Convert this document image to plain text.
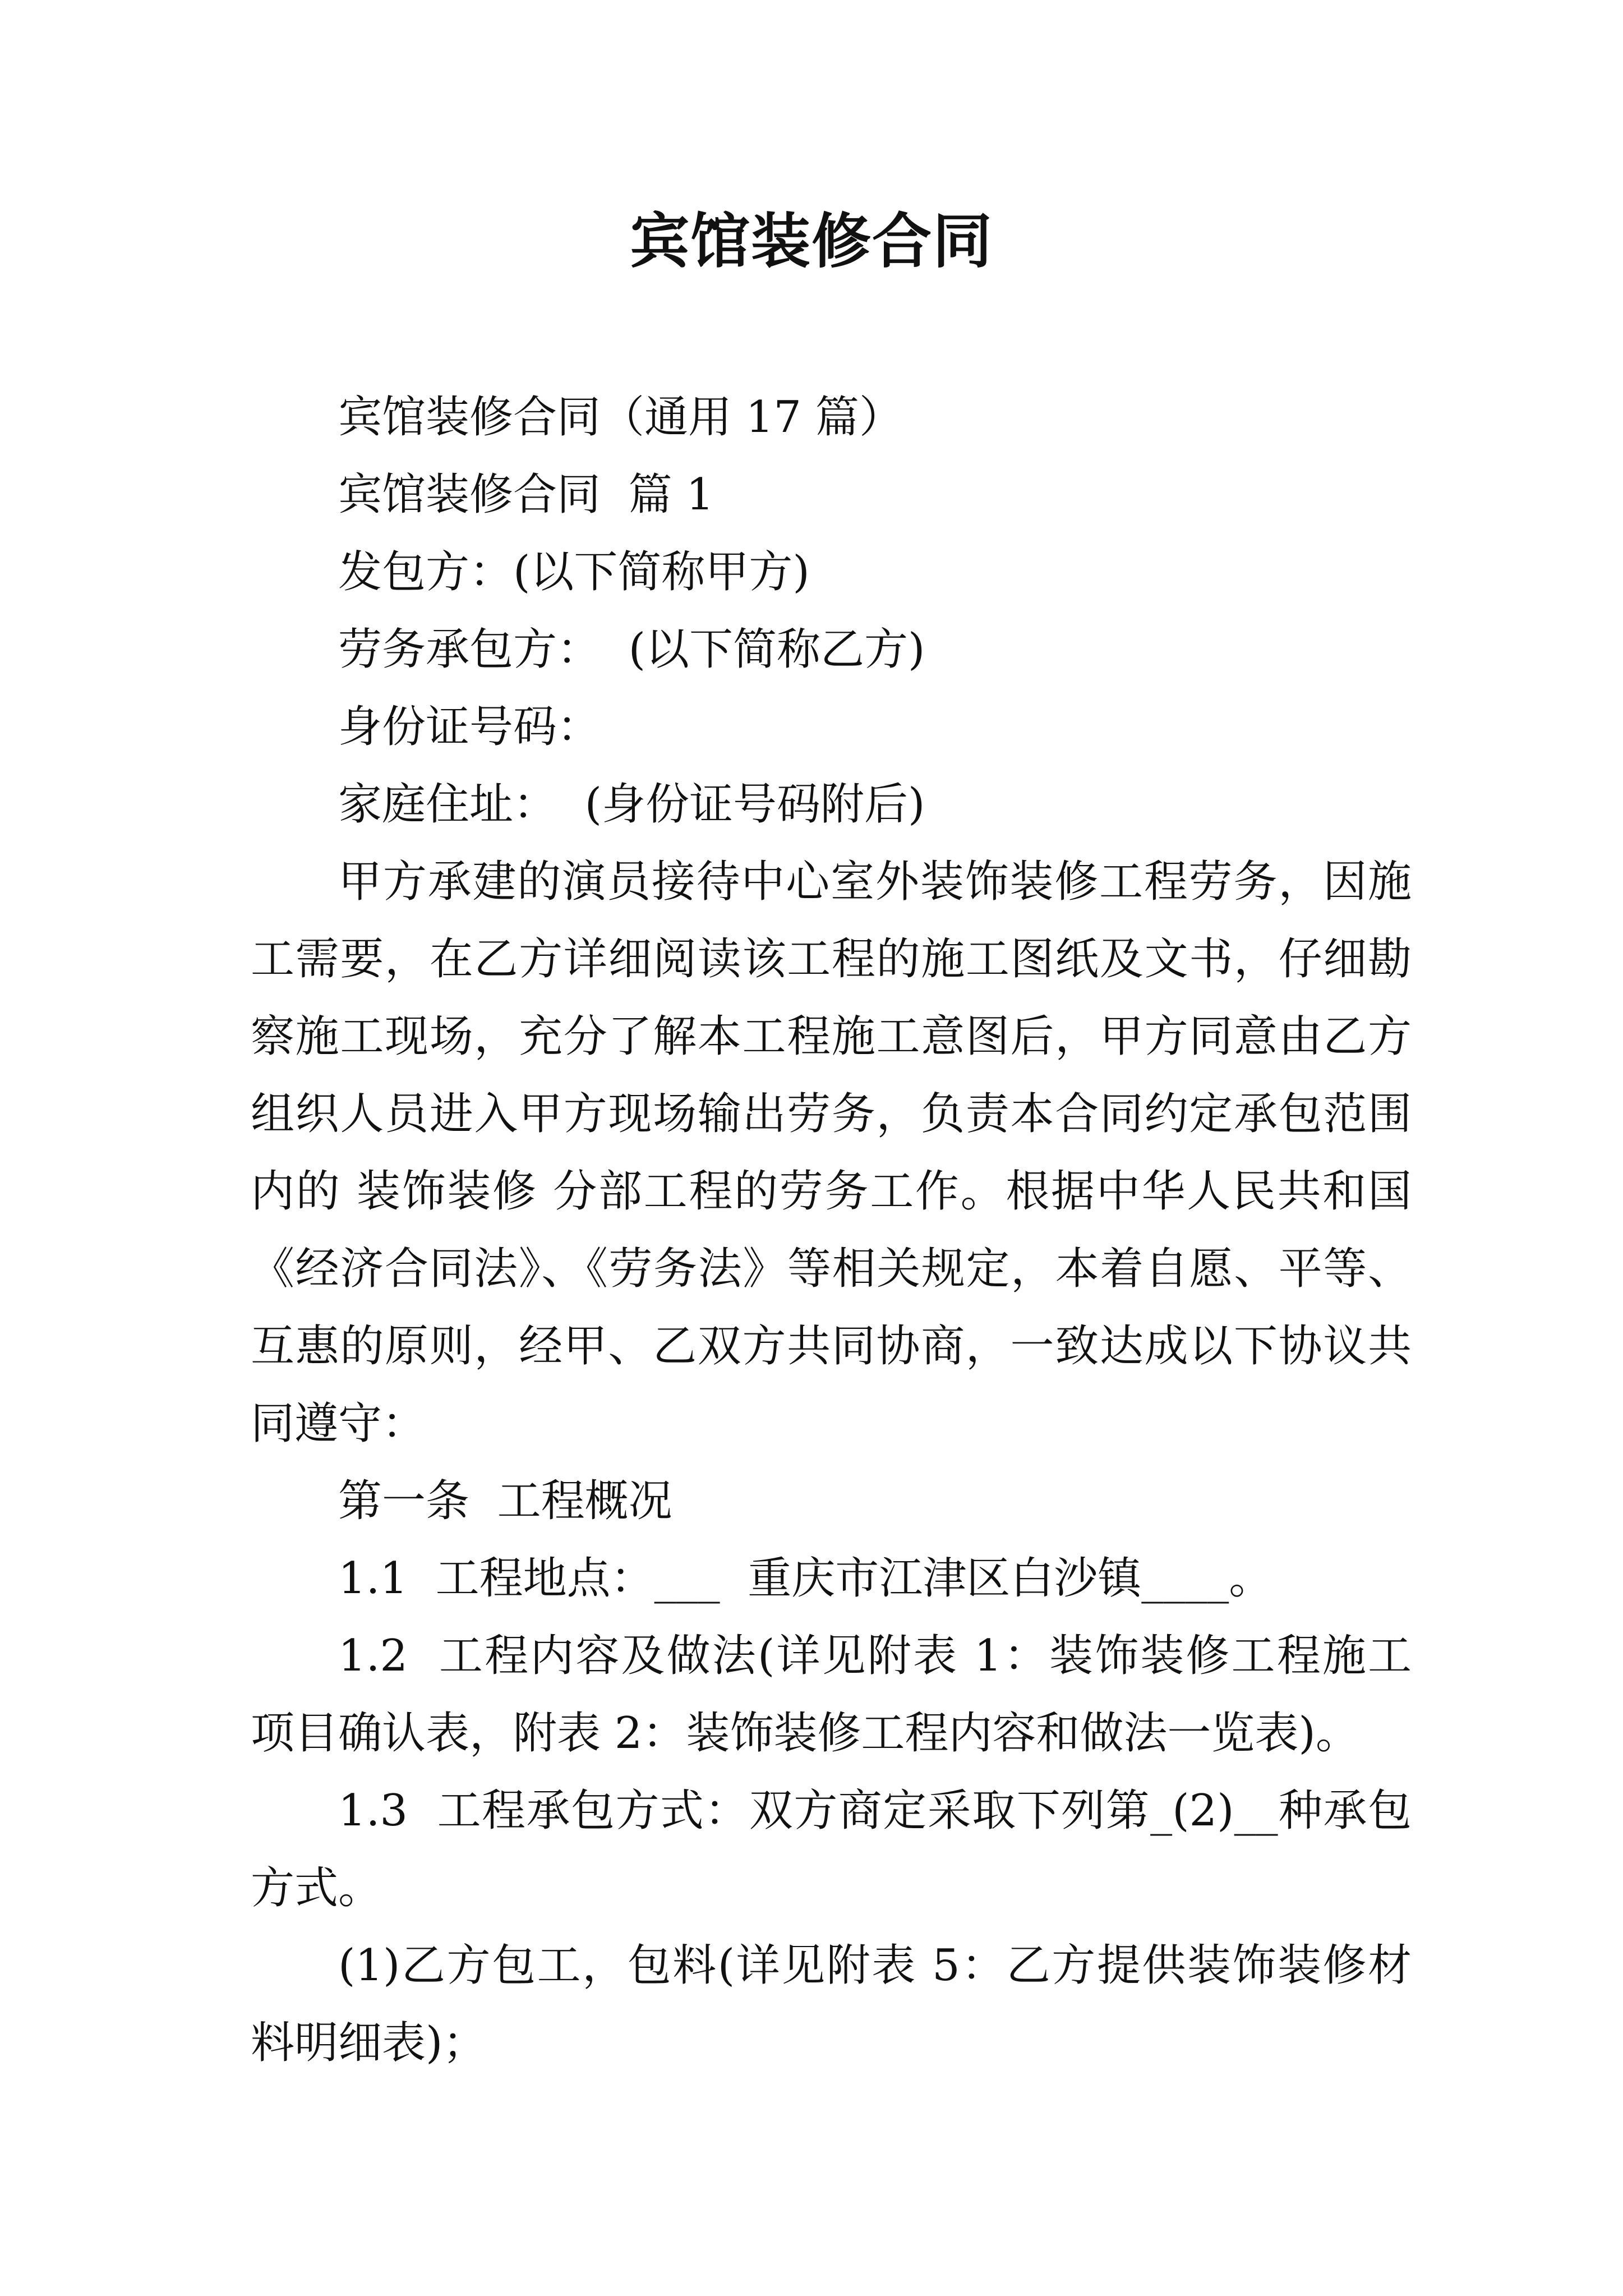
宾馆装修合同

宾馆装修合同（通用 17 篇）

宾馆装修合同  篇 1

发包方：(以下简称甲方)

劳务承包方：  (以下简称乙方)

身份证号码：

家庭住址：  (身份证号码附后)

甲方承建的演员接待中心室外装饰装修工程劳务，因施工需要，在乙方详细阅读该工程的施工图纸及文书，仔细勘察施工现场，充分了解本工程施工意图后，甲方同意由乙方组织人员进入甲方现场输出劳务，负责本合同约定承包范围内的 装饰装修 分部工程的劳务工作。根据中华人民共和国《经济合同法》、《劳务法》等相关规定，本着自愿、平等、互惠的原则，经甲、乙双方共同协商，一致达成以下协议共同遵守：

第一条  工程概况

1.1  工程地点：___  重庆市江津区白沙镇____。

1.2  工程内容及做法(详见附表 1：装饰装修工程施工项目确认表，附表 2：装饰装修工程内容和做法一览表)。

1.3  工程承包方式：双方商定采取下列第_(2)__种承包方式。

(1)乙方包工，包料(详见附表 5：乙方提供装饰装修材料明细表)；
